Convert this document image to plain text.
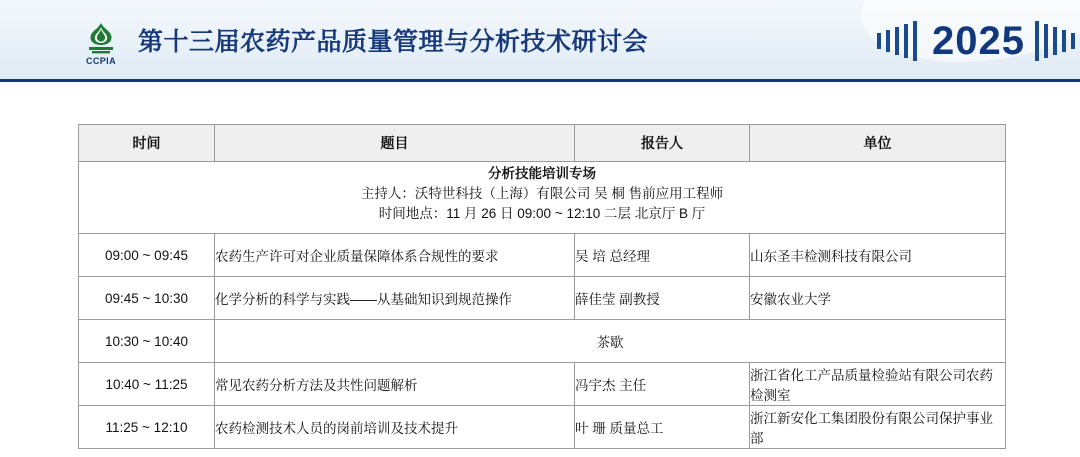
CCPIA
第十三届农药产品质量管理与分析技术研讨会	2025
分析技能培训专场			
主持人：沃特世科技（上海）有限公司 吴 桐 售前应用工程师			
时间地点：11 月 26 日 09:00 ~ 12:10 二层 北京厅 B 厅			
时间	题目	报告人	单位
09:00 ~ 09:45	农药生产许可对企业质量保障体系合规性的要求	吴 培 总经理	山东圣丰检测科技有限公司
09:45 ~ 10:30	化学分析的科学与实践——从基础知识到规范操作	薛佳莹 副教授	安徽农业大学
10:30 ~ 10:40	茶歇		
10:40 ~ 11:25	常见农药分析方法及共性问题解析	冯宇杰 主任	浙江省化工产品质量检验站有限公司农药检测室
11:25 ~ 12:10	农药检测技术人员的岗前培训及技术提升	叶 珊 质量总工	浙江新安化工集团股份有限公司保护事业部
